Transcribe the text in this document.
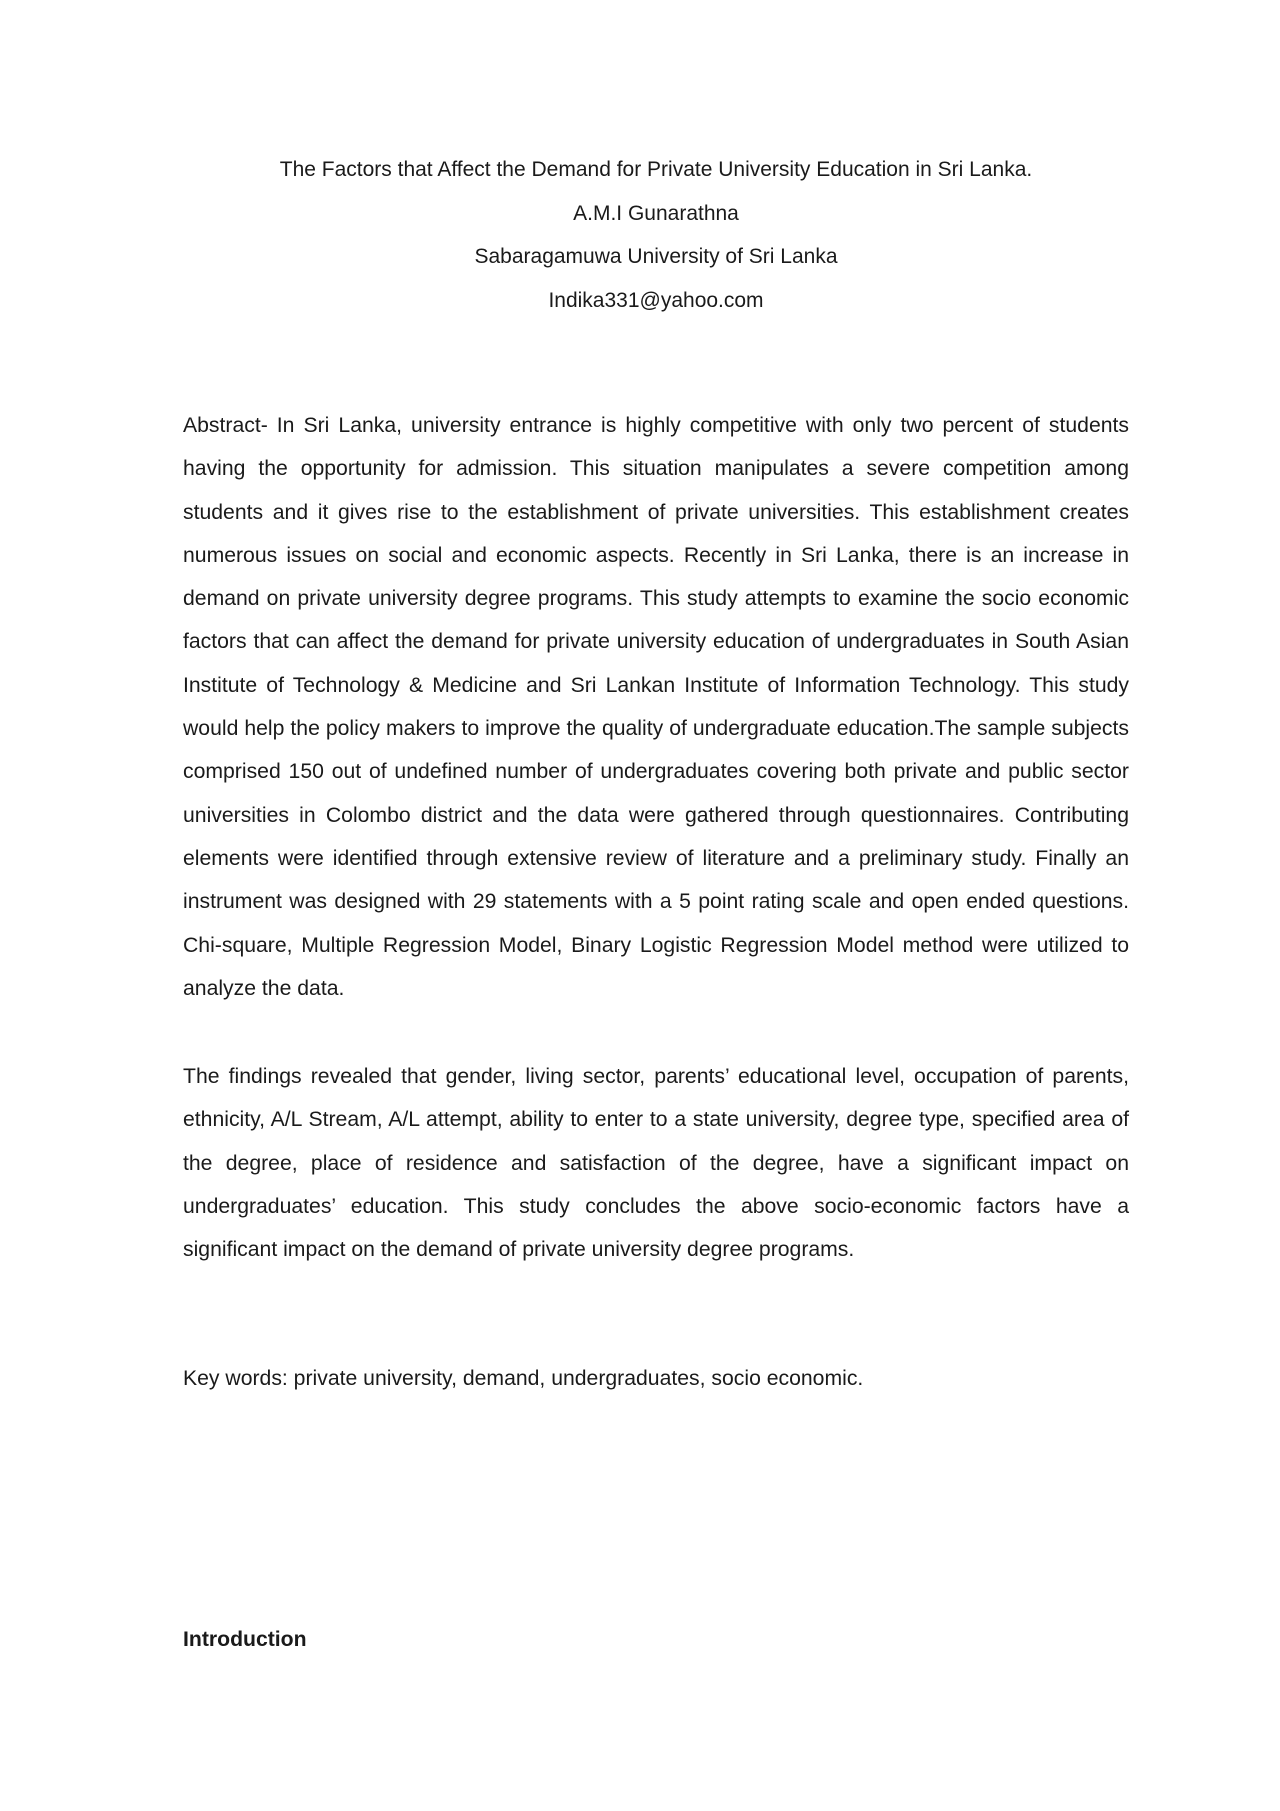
The Factors that Affect the Demand for Private University Education in Sri Lanka.
A.M.I Gunarathna
Sabaragamuwa University of Sri Lanka
Indika331@yahoo.com

Abstract- In Sri Lanka, university entrance is highly competitive with only two percent of students having the opportunity for admission. This situation manipulates a severe competition among students and it gives rise to the establishment of private universities. This establishment creates numerous issues on social and economic aspects. Recently in Sri Lanka, there is an increase in demand on private university degree programs. This study attempts to examine the socio economic factors that can affect the demand for private university education of undergraduates in South Asian Institute of Technology & Medicine and Sri Lankan Institute of Information Technology. This study would help the policy makers to improve the quality of undergraduate education.The sample subjects comprised 150 out of undefined number of undergraduates covering both private and public sector universities in Colombo district and the data were gathered through questionnaires. Contributing elements were identified through extensive review of literature and a preliminary study. Finally an instrument was designed with 29 statements with a 5 point rating scale and open ended questions. Chi-square, Multiple Regression Model, Binary Logistic Regression Model method were utilized to analyze the data.

The findings revealed that gender, living sector, parents’ educational level, occupation of parents, ethnicity, A/L Stream, A/L attempt, ability to enter to a state university, degree type, specified area of the degree, place of residence and satisfaction of the degree, have a significant impact on undergraduates’ education. This study concludes the above socio-economic factors have a significant impact on the demand of private university degree programs.

Key words: private university, demand, undergraduates, socio economic.

Introduction
